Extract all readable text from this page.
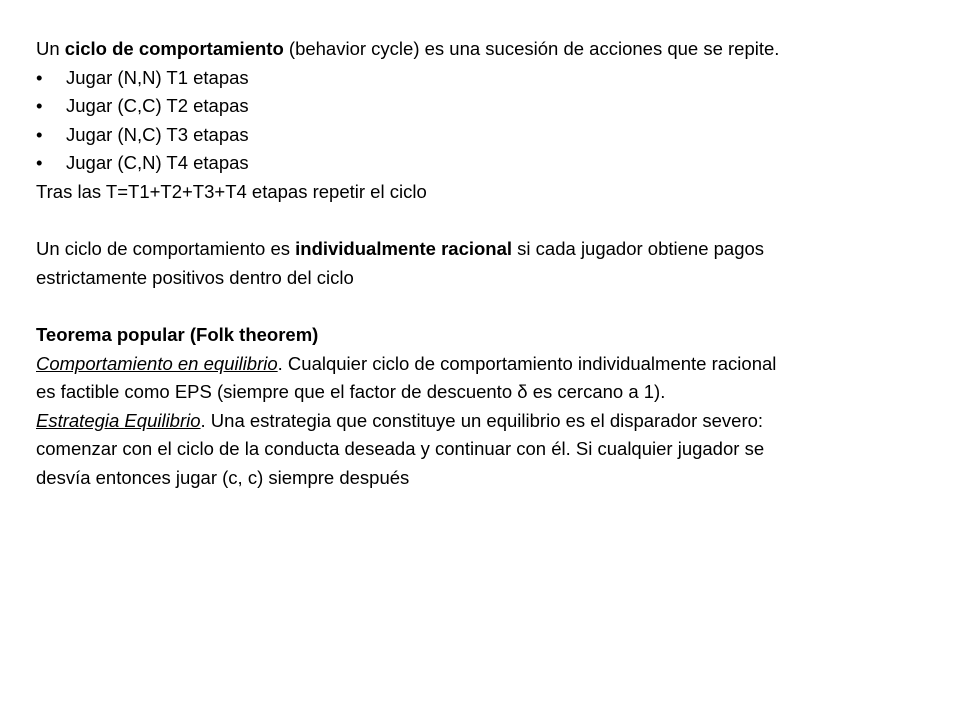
Un ciclo de comportamiento (behavior cycle) es una sucesión de acciones que se repite.
• Jugar (N,N) T1 etapas
• Jugar (C,C) T2 etapas
• Jugar (N,C) T3 etapas
• Jugar (C,N) T4 etapas
Tras las T=T1+T2+T3+T4 etapas repetir el ciclo
Un ciclo de comportamiento es individualmente racional si cada jugador obtiene pagos
estrictamente positivos dentro del ciclo
Teorema popular (Folk theorem)
Comportamiento en equilibrio. Cualquier ciclo de comportamiento individualmente racional
es factible como EPS (siempre que el factor de descuento δ es cercano a 1).
Estrategia Equilibrio. Una estrategia que constituye un equilibrio es el disparador severo:
comenzar con el ciclo de la conducta deseada y continuar con él. Si cualquier jugador se
desvía entonces jugar (c, c) siempre después
